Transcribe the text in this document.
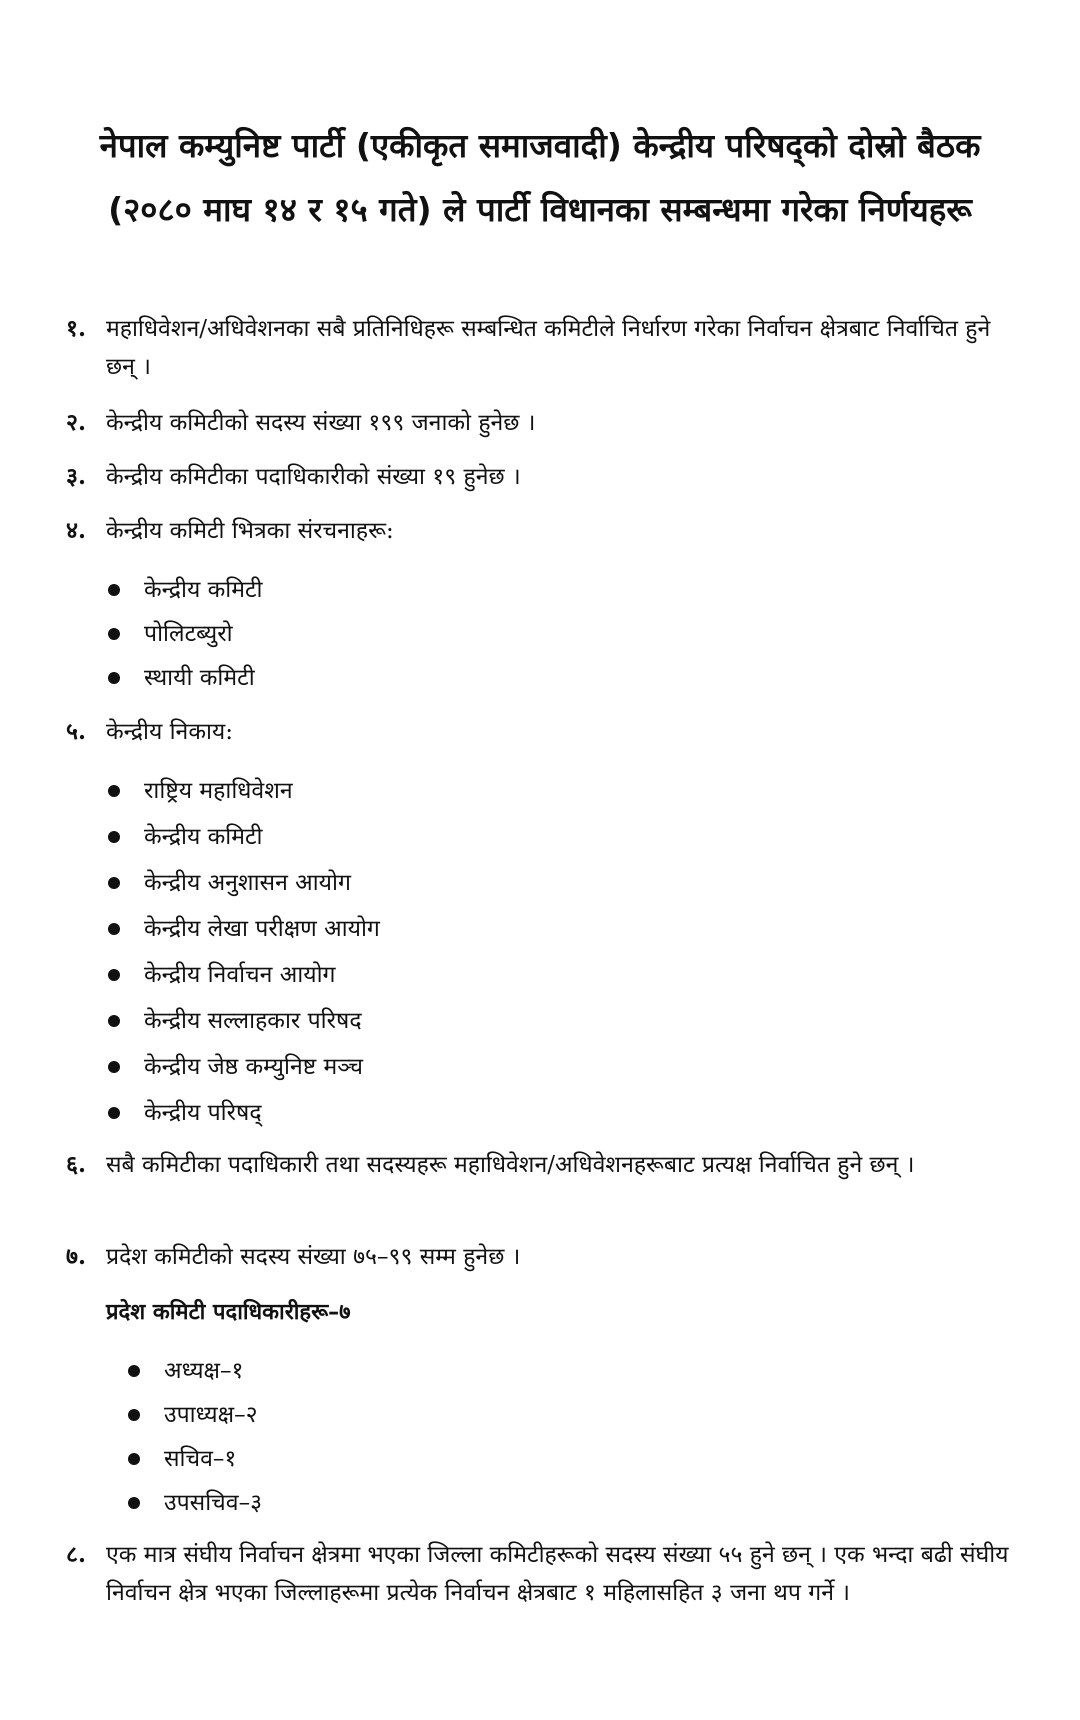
नेपाल कम्युनिष्ट पार्टी (एकीकृत समाजवादी) केन्द्रीय परिषद्को दोस्रो बैठक
(२०८० माघ १४ र १५ गते) ले पार्टी विधानका सम्बन्धमा गरेका निर्णयहरू
१. महाधिवेशन/अधिवेशनका सबै प्रतिनिधिहरू सम्बन्धित कमिटीले निर्धारण गरेका निर्वाचन क्षेत्रबाट निर्वाचित हुने छन् ।
२. केन्द्रीय कमिटीको सदस्य संख्या १९९ जनाको हुनेछ ।
३. केन्द्रीय कमिटीका पदाधिकारीको संख्या १९ हुनेछ ।
४. केन्द्रीय कमिटी भित्रका संरचनाहरू:
केन्द्रीय कमिटी
पोलिटब्युरो
स्थायी कमिटी
५. केन्द्रीय निकाय:
राष्ट्रिय महाधिवेशन
केन्द्रीय कमिटी
केन्द्रीय अनुशासन आयोग
केन्द्रीय लेखा परीक्षण आयोग
केन्द्रीय निर्वाचन आयोग
केन्द्रीय सल्लाहकार परिषद
केन्द्रीय जेष्ठ कम्युनिष्ट मञ्च
केन्द्रीय परिषद्
६. सबै कमिटीका पदाधिकारी तथा सदस्यहरू महाधिवेशन/अधिवेशनहरूबाट प्रत्यक्ष निर्वाचित हुने छन् ।
७. प्रदेश कमिटीको सदस्य संख्या ७५–९९ सम्म हुनेछ ।
प्रदेश कमिटी पदाधिकारीहरू–७
अध्यक्ष–१
उपाध्यक्ष–२
सचिव–१
उपसचिव–३
८. एक मात्र संघीय निर्वाचन क्षेत्रमा भएका जिल्ला कमिटीहरूको सदस्य संख्या ५५ हुने छन् । एक भन्दा बढी संघीय निर्वाचन क्षेत्र भएका जिल्लाहरूमा प्रत्येक निर्वाचन क्षेत्रबाट १ महिलासहित ३ जना थप गर्ने ।
